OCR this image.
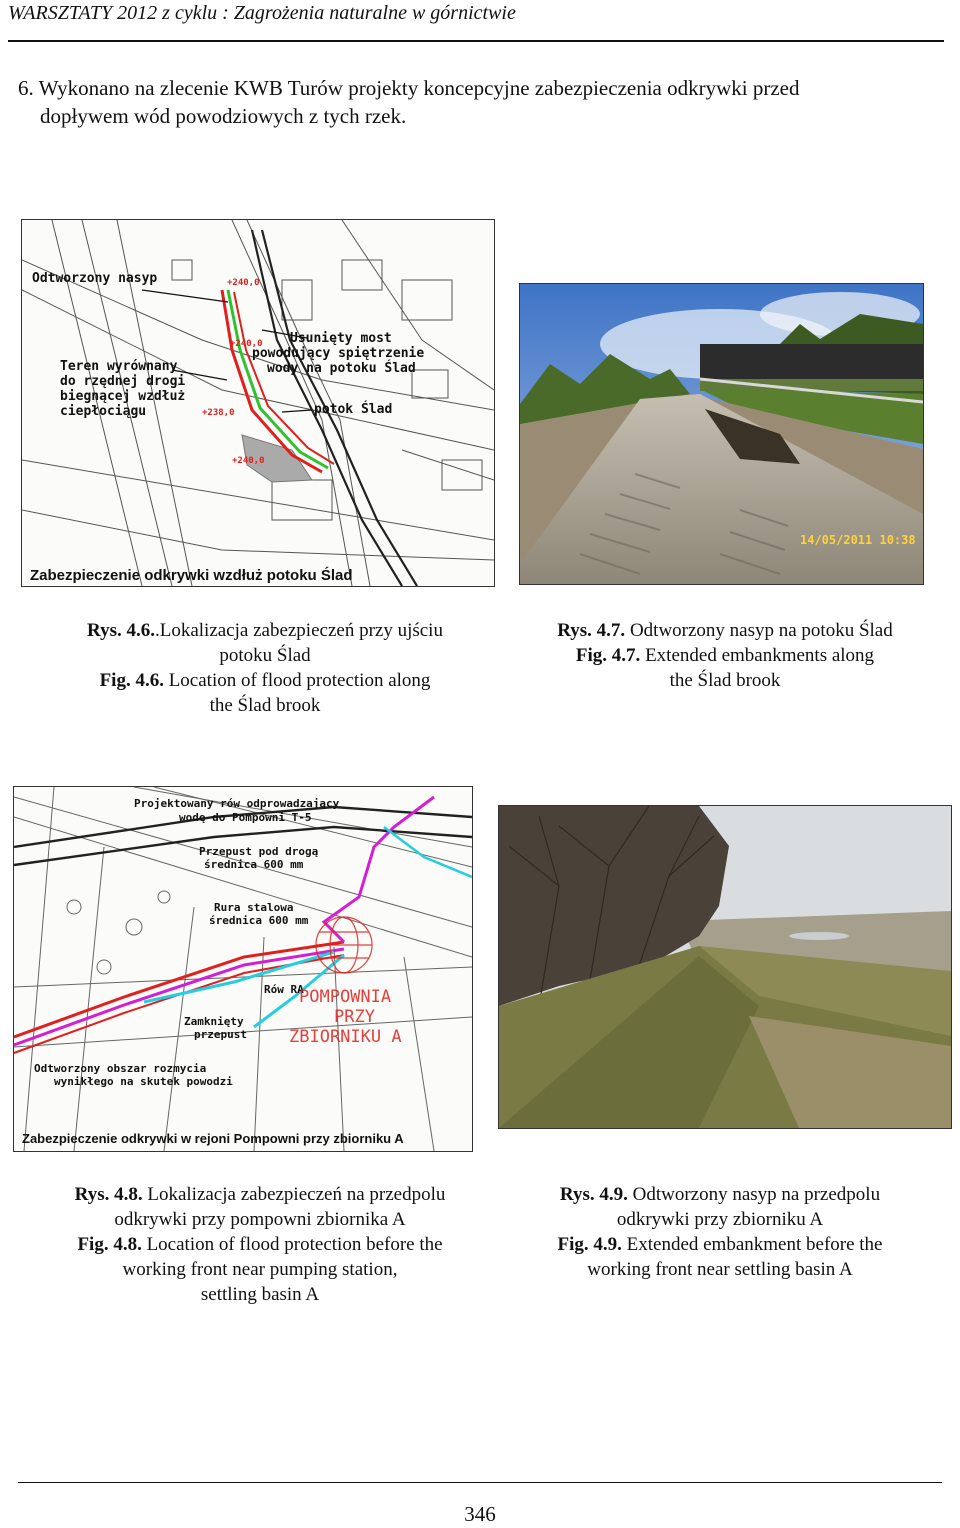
WARSZTATY 2012 z cyklu : Zagrożenia naturalne w górnictwie
6. Wykonano na zlecenie KWB Turów projekty koncepcyjne zabezpieczenia odkrywki przed
dopływem wód powodziowych z tych rzek.
+240,0
+240,0
+238,0
+240,0
Odtworzony nasyp
Teren wyrównany
do rzędnej drogi
biegnącej wzdłuż
ciepłociągu
Usunięty most
powodujący spiętrzenie
wody na potoku Ślad
potok Ślad
Zabezpieczenie odkrywki wzdłuż potoku Ślad
14/05/2011 10:38
Rys. 4.6..Lokalizacja zabezpieczeń przy ujściu
potoku Ślad
Fig. 4.6. Location of flood protection along
the Ślad brook
Rys. 4.7. Odtworzony nasyp na potoku Ślad
Fig. 4.7. Extended embankments along
the Ślad brook
Projektowany rów odprowadzający
wodę do Pompowni T-5
Przepust pod drogą
średnica 600 mm
Rura stalowa
średnica 600 mm
Rów RA
Zamknięty
przepust
Odtworzony obszar rozmycia
wynikłego na skutek powodzi
POMPOWNIA
PRZY
ZBIORNIKU A
Zabezpieczenie odkrywki w rejoni Pompowni przy zbiorniku A
Rys. 4.8. Lokalizacja zabezpieczeń na przedpolu
odkrywki przy pompowni zbiornika A
Fig. 4.8. Location of flood protection before the
working front near pumping station,
settling basin A
Rys. 4.9. Odtworzony nasyp na przedpolu
odkrywki przy zbiorniku A
Fig. 4.9. Extended embankment before the
working front near settling basin A
346
